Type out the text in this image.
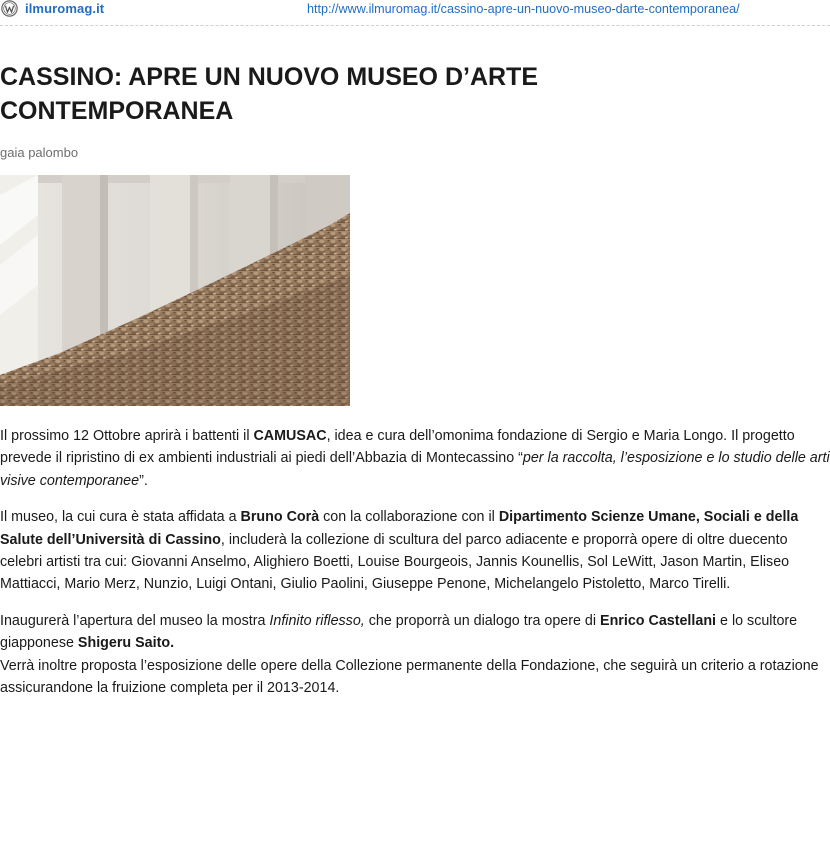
ilmuromag.it	http://www.ilmuromag.it/cassino-apre-un-nuovo-museo-darte-contemporanea/
CASSINO: APRE UN NUOVO MUSEO D’ARTE
CONTEMPORANEA
gaia palombo

Il prossimo 12 Ottobre aprirà i battenti il CAMUSAC, idea e cura dell’omonima fondazione di Sergio e Maria Longo. Il progetto prevede il ripristino di ex ambienti industriali ai piedi dell’Abbazia di Montecassino “per la raccolta, l’esposizione e lo studio delle arti visive contemporanee”.

Il museo, la cui cura è stata affidata a Bruno Corà con la collaborazione con il Dipartimento Scienze Umane, Sociali e della Salute dell’Università di Cassino, includerà la collezione di scultura del parco adiacente e proporrà opere di oltre duecento celebri artisti tra cui: Giovanni Anselmo, Alighiero Boetti, Louise Bourgeois, Jannis Kounellis, Sol LeWitt, Jason Martin, Eliseo Mattiacci, Mario Merz, Nunzio, Luigi Ontani, Giulio Paolini, Giuseppe Penone, Michelangelo Pistoletto, Marco Tirelli.

Inaugurerà l’apertura del museo la mostra Infinito riflesso, che proporrà un dialogo tra opere di Enrico Castellani e lo scultore giapponese Shigeru Saito.
Verrà inoltre proposta l’esposizione delle opere della Collezione permanente della Fondazione, che seguirà un criterio a rotazione assicurandone la fruizione completa per il 2013-2014.
